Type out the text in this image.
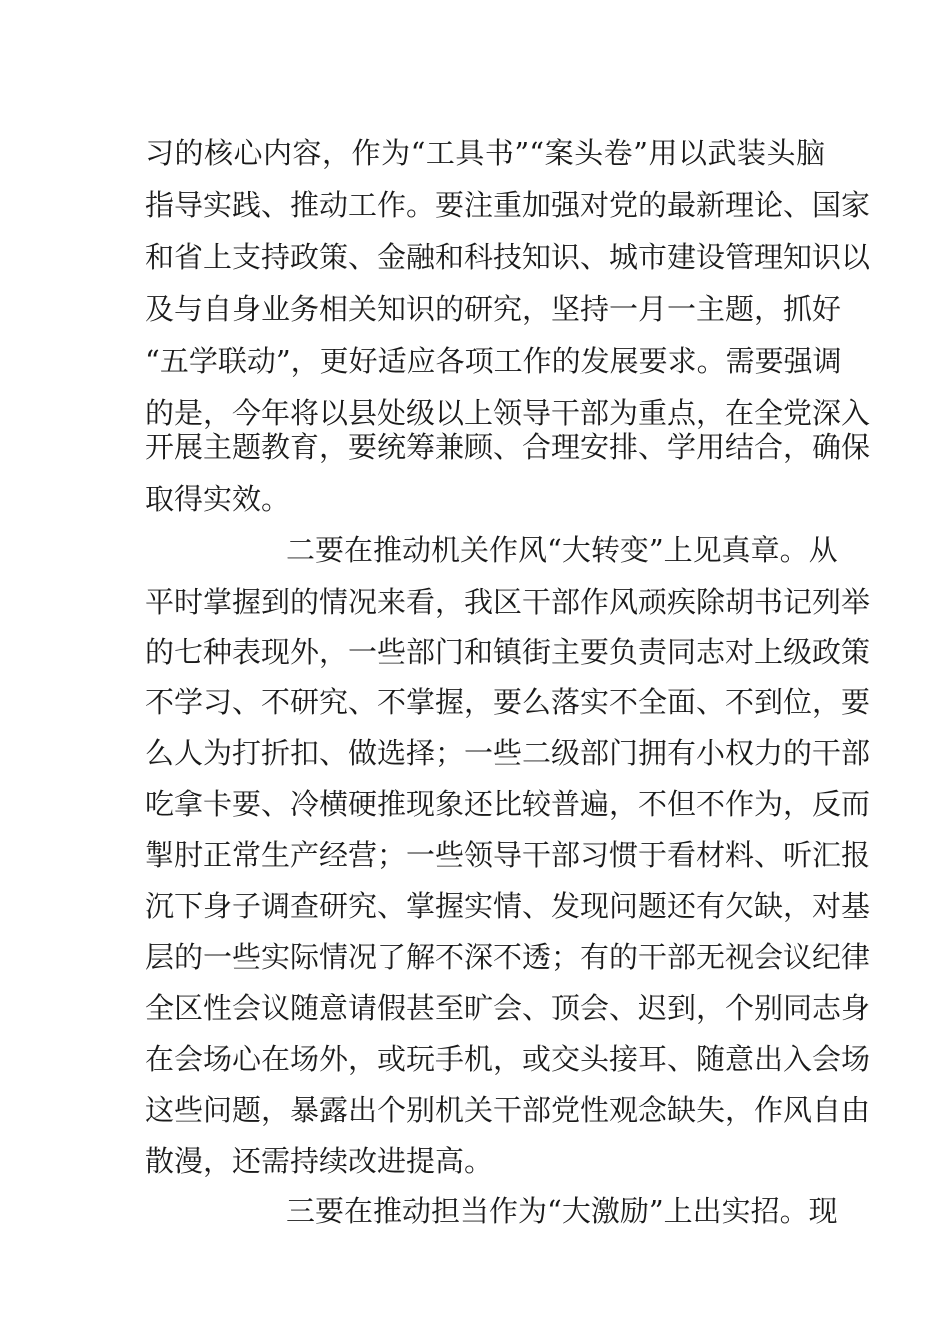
习的核心内容，作为“工具书”“案头卷”用以武装头脑
指导实践、推动工作。要注重加强对党的最新理论、国家
和省上支持政策、金融和科技知识、城市建设管理知识以
及与自身业务相关知识的研究，坚持一月一主题，抓好
“五学联动”，更好适应各项工作的发展要求。需要强调
的是，今年将以县处级以上领导干部为重点，在全党深入
开展主题教育，要统筹兼顾、合理安排、学用结合，确保
取得实效。
二要在推动机关作风“大转变”上见真章。从
平时掌握到的情况来看，我区干部作风顽疾除胡书记列举
的七种表现外，一些部门和镇街主要负责同志对上级政策
不学习、不研究、不掌握，要么落实不全面、不到位，要
么人为打折扣、做选择；一些二级部门拥有小权力的干部
吃拿卡要、冷横硬推现象还比较普遍，不但不作为，反而
掣肘正常生产经营；一些领导干部习惯于看材料、听汇报
沉下身子调查研究、掌握实情、发现问题还有欠缺，对基
层的一些实际情况了解不深不透；有的干部无视会议纪律
全区性会议随意请假甚至旷会、顶会、迟到，个别同志身
在会场心在场外，或玩手机，或交头接耳、随意出入会场
这些问题，暴露出个别机关干部党性观念缺失，作风自由
散漫，还需持续改进提高。
三要在推动担当作为“大激励”上出实招。现
